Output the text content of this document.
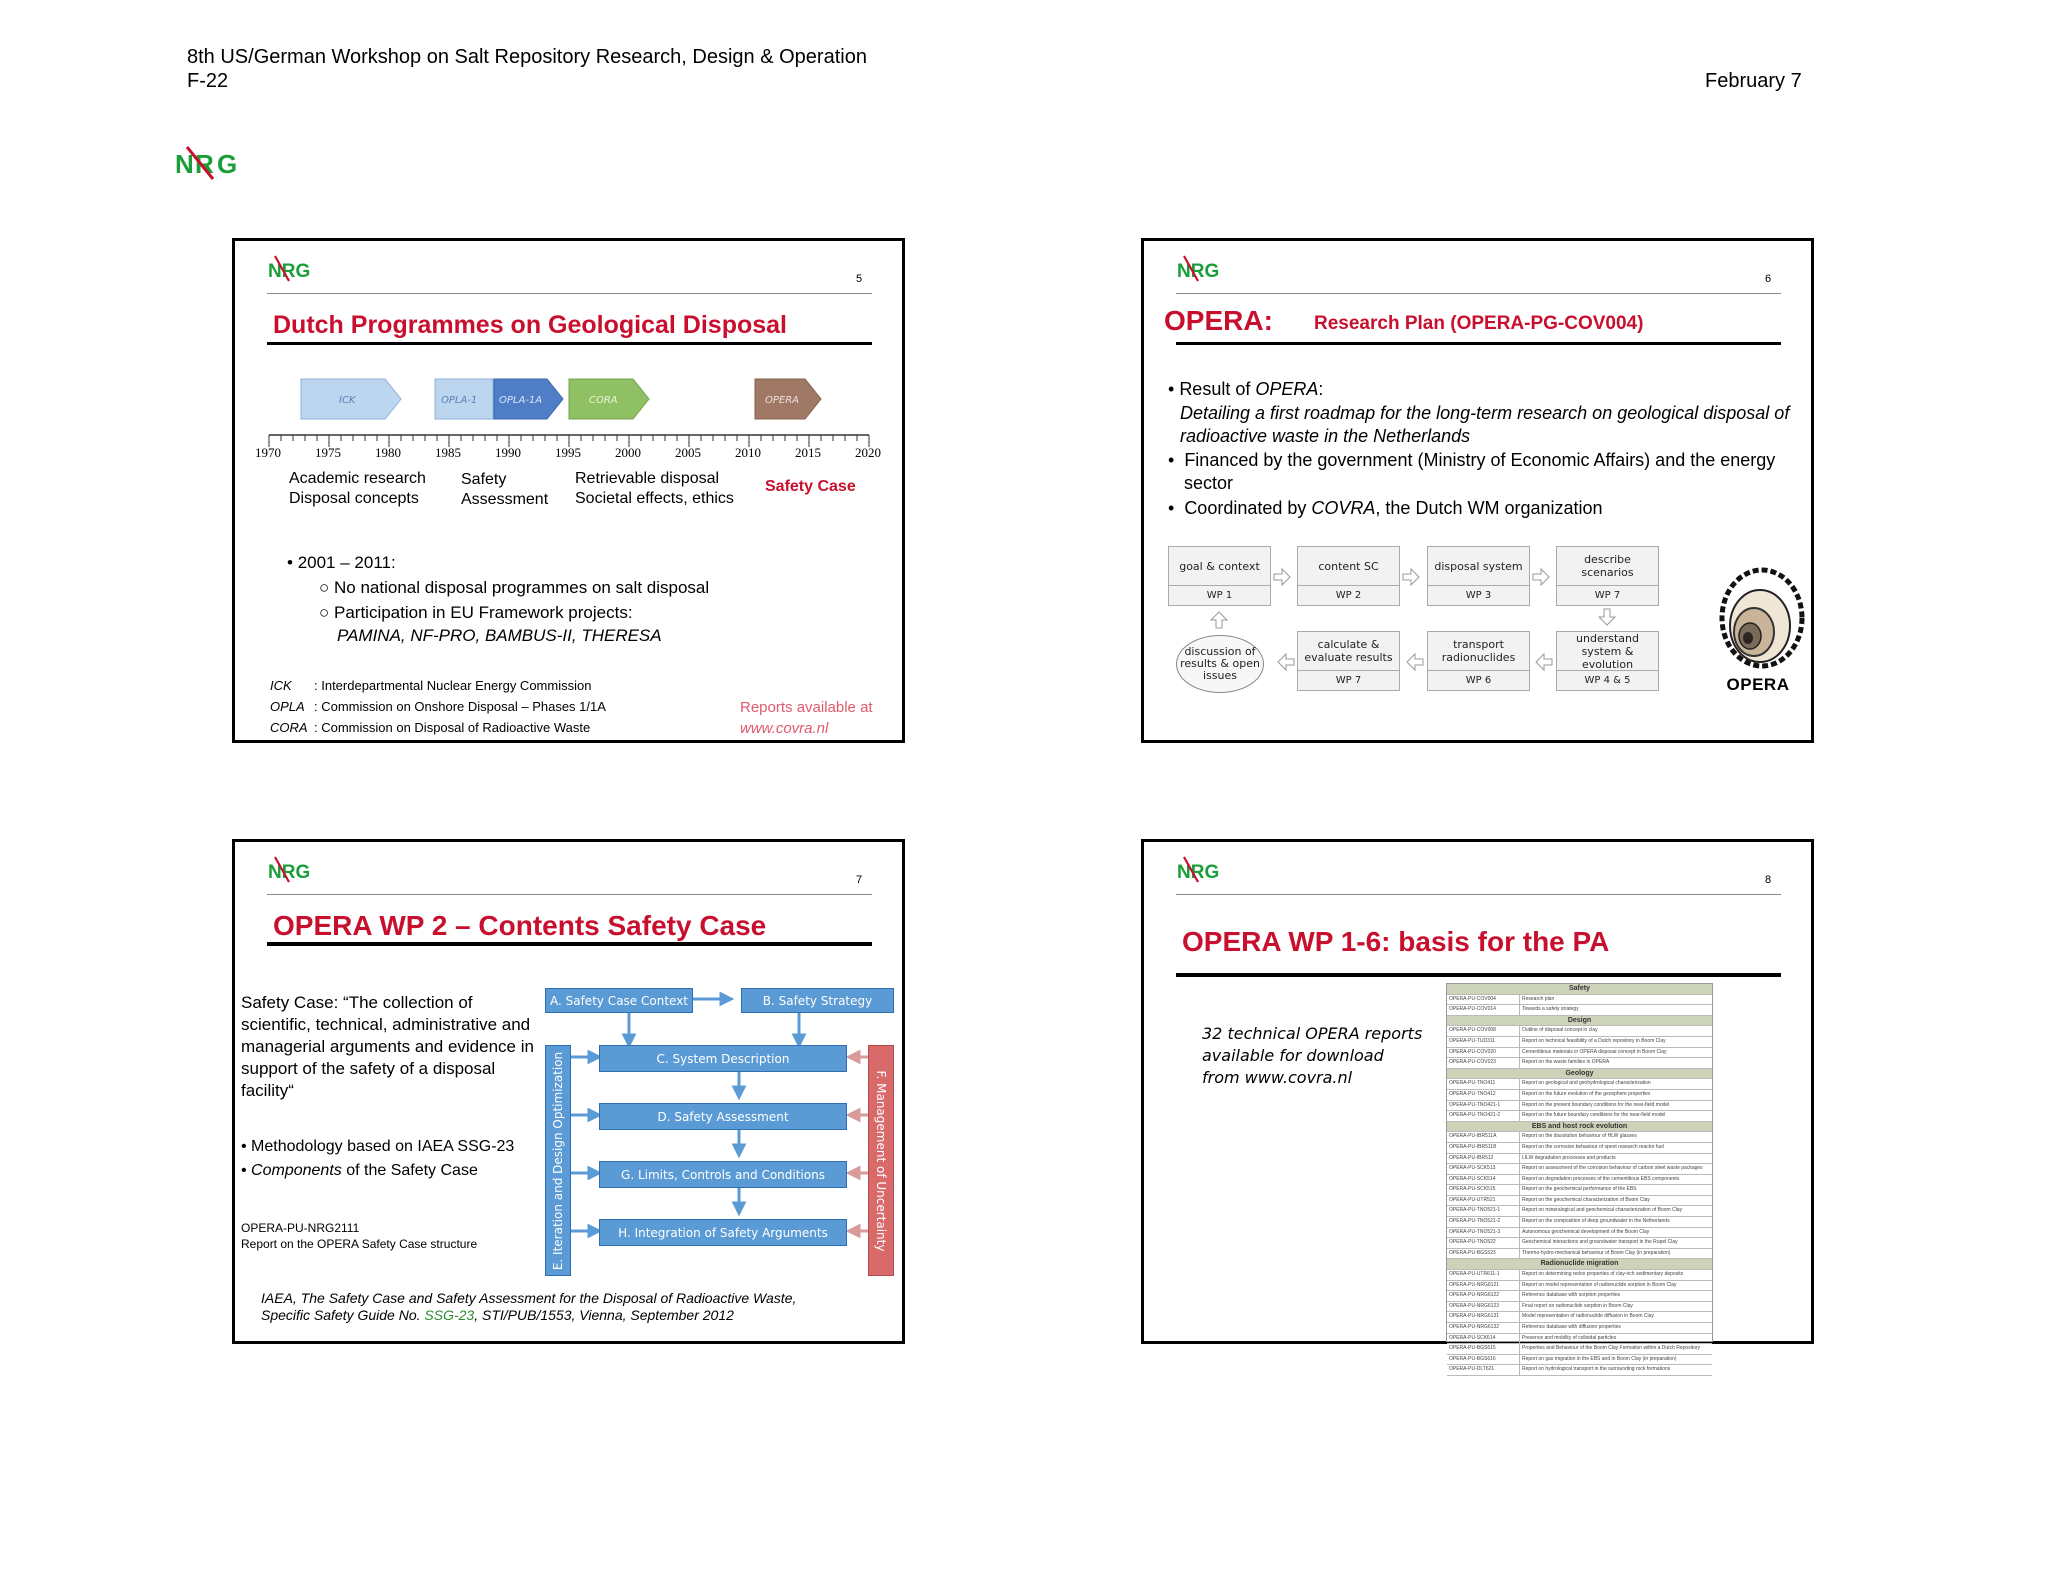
8th US/German Workshop on Salt Repository Research, Design & Operation
F-22	February 7
N R G
NRG	5
Dutch Programmes on Geological Disposal
ICK	OPLA-1 OPLA-1A	CORA	OPERA
1970	1975	1980	1985	1990	1995	2000	2005	2010	2015	2020
Academic research
Disposal concepts
Safety
Assessment
Retrievable disposal
Societal effects, ethics
Safety Case
• 2001 – 2011:
○ No national disposal programmes on salt disposal
○ Participation in EU Framework projects:
PAMINA, NF-PRO, BAMBUS-II, THERESA
ICK : Interdepartmental Nuclear Energy Commission
OPLA : Commission on Onshore Disposal – Phases 1/1A
CORA : Commission on Disposal of Radioactive Waste
Reports available at
www.covra.nl
NRG	6
OPERA: Research Plan (OPERA-PG-COV004)
• Result of OPERA:
Detailing a first roadmap for the long-term research on geological disposal of radioactive waste in the Netherlands
•  Financed by the government (Ministry of Economic Affairs) and the energy sector
•  Coordinated by COVRA, the Dutch WM organization
goal & context
WP 1
content SC
WP 2
disposal system
WP 3
describe scenarios
WP 7
understand system & evolution
WP 4 & 5
transport radionuclides
WP 6
calculate & evaluate results
WP 7
discussion of results & open issues	OPERA
NRG	7
OPERA WP 2 – Contents Safety Case
Safety Case: “The collection of scientific, technical, administrative and managerial arguments and evidence in support of the safety of a disposal facility“
• Methodology based on IAEA SSG-23
• Components of the Safety Case
OPERA-PU-NRG2111
Report on the OPERA Safety Case structure
A. Safety Case Context	B. Safety Strategy
C. System Description
D. Safety Assessment
G. Limits, Controls and Conditions
H. Integration of Safety Arguments
E. Iteration and Design Optimization	F. Management of Uncertainty
IAEA, The Safety Case and Safety Assessment for the Disposal of Radioactive Waste,
Specific Safety Guide No. SSG-23, STI/PUB/1553, Vienna, September 2012
NRG	8
OPERA WP 1-6: basis for the PA
32 technical OPERA reports
available for download
from www.covra.nl
Safety
OPERA-PU-COV004	Research plan
OPERA-PU-COV014	Towards a safety strategy
Design
OPERA-PU-COV008	Outline of disposal concept in clay
OPERA-PU-TUD311	Report on technical feasibility of a Dutch repository in Boom Clay
OPERA-PU-COV020	Cementitious materials in OPERA disposal concept in Boom Clay
OPERA-PU-COV023	Report on the waste families in OPERA
Geology
OPERA-PU-TNO411	Report on geological and geohydrological characterization
OPERA-PU-TNO412	Report on the future evolution of the geosphere properties
OPERA-PU-TNO421-1	Report on the present boundary conditions for the near-field model
OPERA-PU-TNO421-2	Report on the future boundary conditions for the near-field model
EBS and host rock evolution
OPERA-PU-IBR511A	Report on the dissolution behaviour of HLW glasses
OPERA-PU-IBR511B	Report on the corrosion behaviour of spent research reactor fuel
OPERA-PU-IBR512	LILW degradation processes and products
OPERA-PU-SCK513	Report on assessment of the corrosion behaviour of carbon steel waste packages
OPERA-PU-SCK514	Report on degradation processes of the cementitious EBS components
OPERA-PU-SCK515	Report on the geochemical performance of the EBS
OPERA-PU-UTR521	Report on the geochemical characterization of Boom Clay
OPERA-PU-TNO521-1	Report on mineralogical and geochemical characterization of Boom Clay
OPERA-PU-TNO521-2	Report on the composition of deep groundwater in the Netherlands
OPERA-PU-TNO521-3	Autonomous geochemical development of the Boom Clay
OPERA-PU-TNO522	Geochemical interactions and groundwater transport in the Rupel Clay
OPERA-PU-BGS523	Thermo-hydro-mechanical behaviour of Boom Clay (in preparation)
Radionuclide migration
OPERA-PU-UTR611-1	Report on determining redox properties of clay-rich sedimentary deposits
OPERA-PU-NRG6121	Report on model representation of radionuclide sorption in Boom Clay
OPERA-PU-NRG6122	Reference database with sorption properties
OPERA-PU-NRG6123	Final report on radionuclide sorption in Boom Clay
OPERA-PU-NRG6131	Model representation of radionuclide diffusion in Boom Clay
OPERA-PU-NRG6132	Reference database with diffusion properties
OPERA-PU-SCK614	Presence and mobility of colloidal particles
OPERA-PU-BGS615	Properties and Behaviour of the Boom Clay Formation within a Dutch Repository
OPERA-PU-BGS616	Report on gas migration in the EBS and in Boom Clay (in preparation)
OPERA-PU-DLT621	Report on hydrological transport in the surrounding rock formations
